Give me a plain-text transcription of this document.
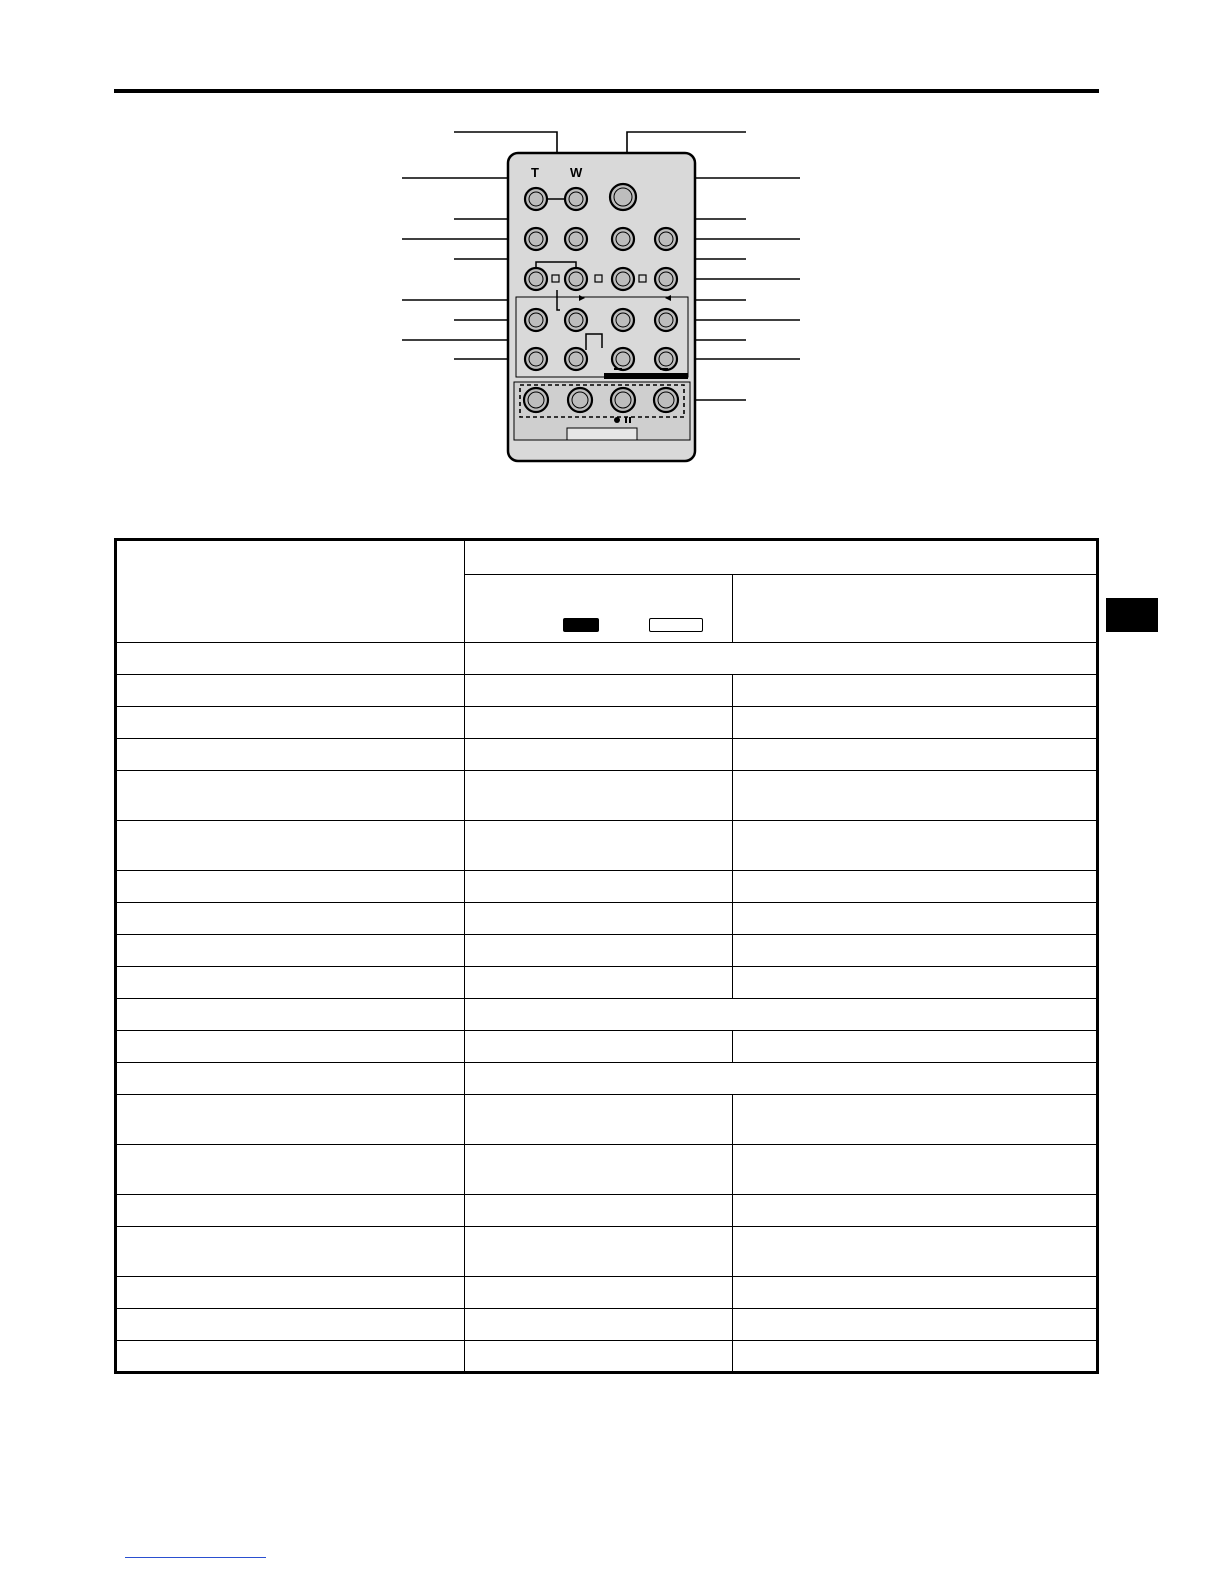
T W
